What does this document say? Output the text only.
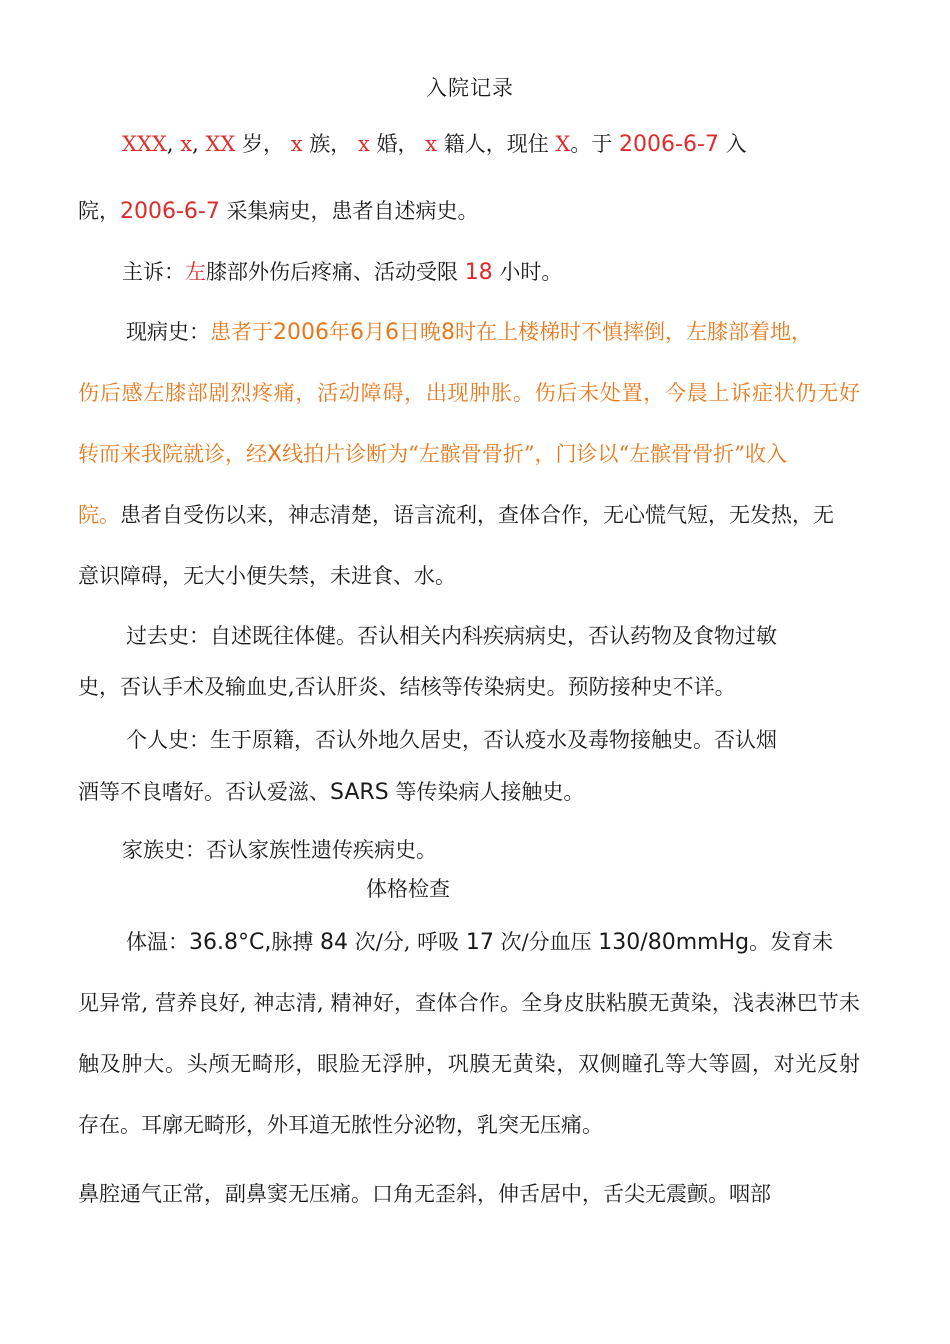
入院记录
XXX, x, XX 岁， x 族， x 婚， x 籍人，现住 X。于 2006-6-7 入
院，2006-6-7 采集病史，患者自述病史。
主诉：左膝部外伤后疼痛、活动受限 18 小时。
现病史：患者于2006年6月6日晚8时在上楼梯时不慎摔倒，左膝部着地，
伤后感左膝部剧烈疼痛，活动障碍，出现肿胀。伤后未处置，今晨上诉症状仍无好
转而来我院就诊，经X线拍片诊断为“左髌骨骨折”，门诊以“左髌骨骨折”收入
院。患者自受伤以来，神志清楚，语言流利，查体合作，无心慌气短，无发热，无
意识障碍，无大小便失禁，未进食、水。
过去史：自述既往体健。否认相关内科疾病病史，否认药物及食物过敏
史，否认手术及输血史,否认肝炎、结核等传染病史。预防接种史不详。
个人史：生于原籍，否认外地久居史，否认疫水及毒物接触史。否认烟
酒等不良嗜好。否认爱滋、SARS 等传染病人接触史。
家族史：否认家族性遗传疾病史。
体格检查
体温：36.8°C,脉搏 84 次/分, 呼吸 17 次/分血压 130/80mmHg。发育未
见异常, 营养良好, 神志清, 精神好，查体合作。全身皮肤粘膜无黄染，浅表淋巴节未
触及肿大。头颅无畸形，眼脸无浮肿，巩膜无黄染，双侧瞳孔等大等圆，对光反射
存在。耳廓无畸形，外耳道无脓性分泌物，乳突无压痛。
鼻腔通气正常，副鼻窦无压痛。口角无歪斜，伸舌居中，舌尖无震颤。咽部
